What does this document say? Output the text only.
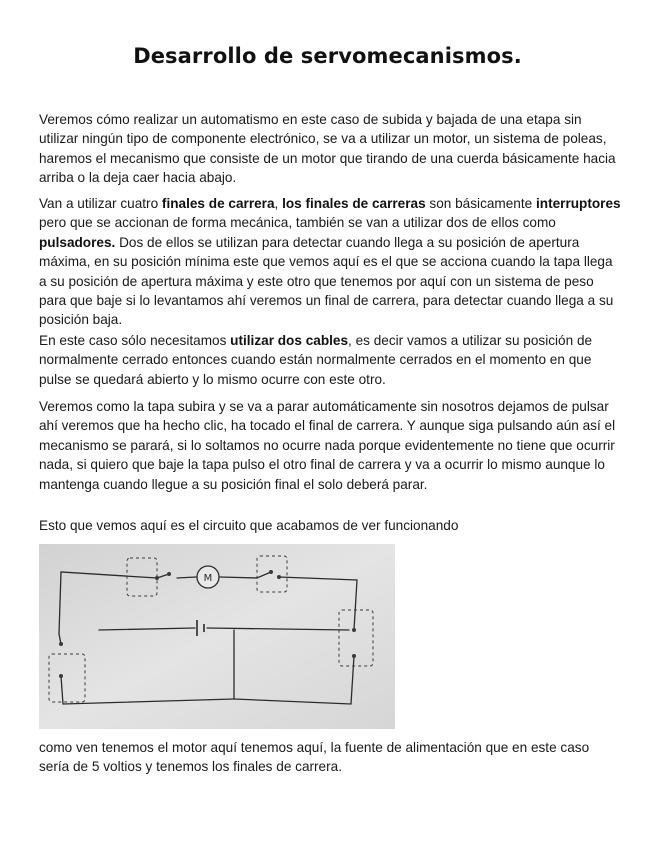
Desarrollo de servomecanismos.

Veremos cómo realizar un automatismo en este caso de subida y bajada de una etapa sin utilizar ningún tipo de componente electrónico, se va a utilizar un motor, un sistema de poleas, haremos el mecanismo que consiste de un motor que tirando de una cuerda básicamente hacia arriba o la deja caer hacia abajo.

Van a utilizar cuatro finales de carrera, los finales de carreras son básicamente interruptores pero que se accionan de forma mecánica, también se van a utilizar dos de ellos como pulsadores. Dos de ellos se utilizan para detectar cuando llega a su posición de apertura máxima, en su posición mínima este que vemos aquí es el que se acciona cuando la tapa llega a su posición de apertura máxima y este otro que tenemos por aquí con un sistema de peso para que baje si lo levantamos ahí veremos un final de carrera, para detectar cuando llega a su posición baja.

En este caso sólo necesitamos utilizar dos cables, es decir vamos a utilizar su posición de normalmente cerrado entonces cuando están normalmente cerrados en el momento en que pulse se quedará abierto y lo mismo ocurre con este otro.

Veremos como la tapa subira y se va a parar automáticamente sin nosotros dejamos de pulsar ahí veremos que ha hecho clic, ha tocado el final de carrera. Y aunque siga pulsando aún así el mecanismo se parará, si lo soltamos no ocurre nada porque evidentemente no tiene que ocurrir nada, si quiero que baje la tapa pulso el otro final de carrera y va a ocurrir lo mismo aunque lo mantenga cuando llegue a su posición final el solo deberá parar.

Esto que vemos aquí es el circuito que acabamos de ver funcionando

M

como ven tenemos el motor aquí tenemos aquí, la fuente de alimentación que en este caso sería de 5 voltios y tenemos los finales de carrera.
